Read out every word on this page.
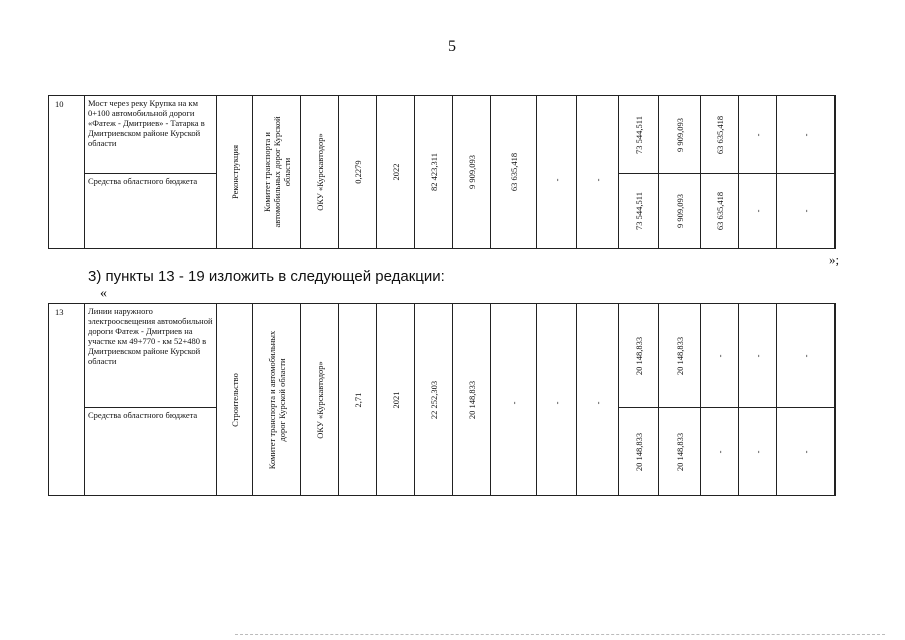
5
10	Мост через реку Крупка на км 0+100 автомобильной дороги «Фатеж - Дмитриев» - Татарка в Дмитриевском районе Курской области	Реконструкция	Комитет транспорта и автомобильных дорог Курской области	ОКУ «Курскавтодор»	0,2279	2022	82 423,311	9 909,093	63 635,418	-	-	73 544,511	9 909,093	63 635,418	-	-

	Средства областного бюджета											73 544,511	9 909,093	63 635,418	-	-	
»;
3) пункты 13 - 19 изложить в следующей редакции:
«
13	Линии наружного электроосвещения автомобильной дороги Фатеж - Дмитриев на участке км 49+770 - км 52+480 в Дмитриевском районе Курской области	Строительство	Комитет транспорта и автомобильных дорог Курской области	ОКУ «Курскавтодор»	2,71	2021	22 252,303	20 148,833	-	-	-	20 148,833	20 148,833	-	-	-

	Средства областного бюджета											20 148,833	20 148,833	-	-	-	
